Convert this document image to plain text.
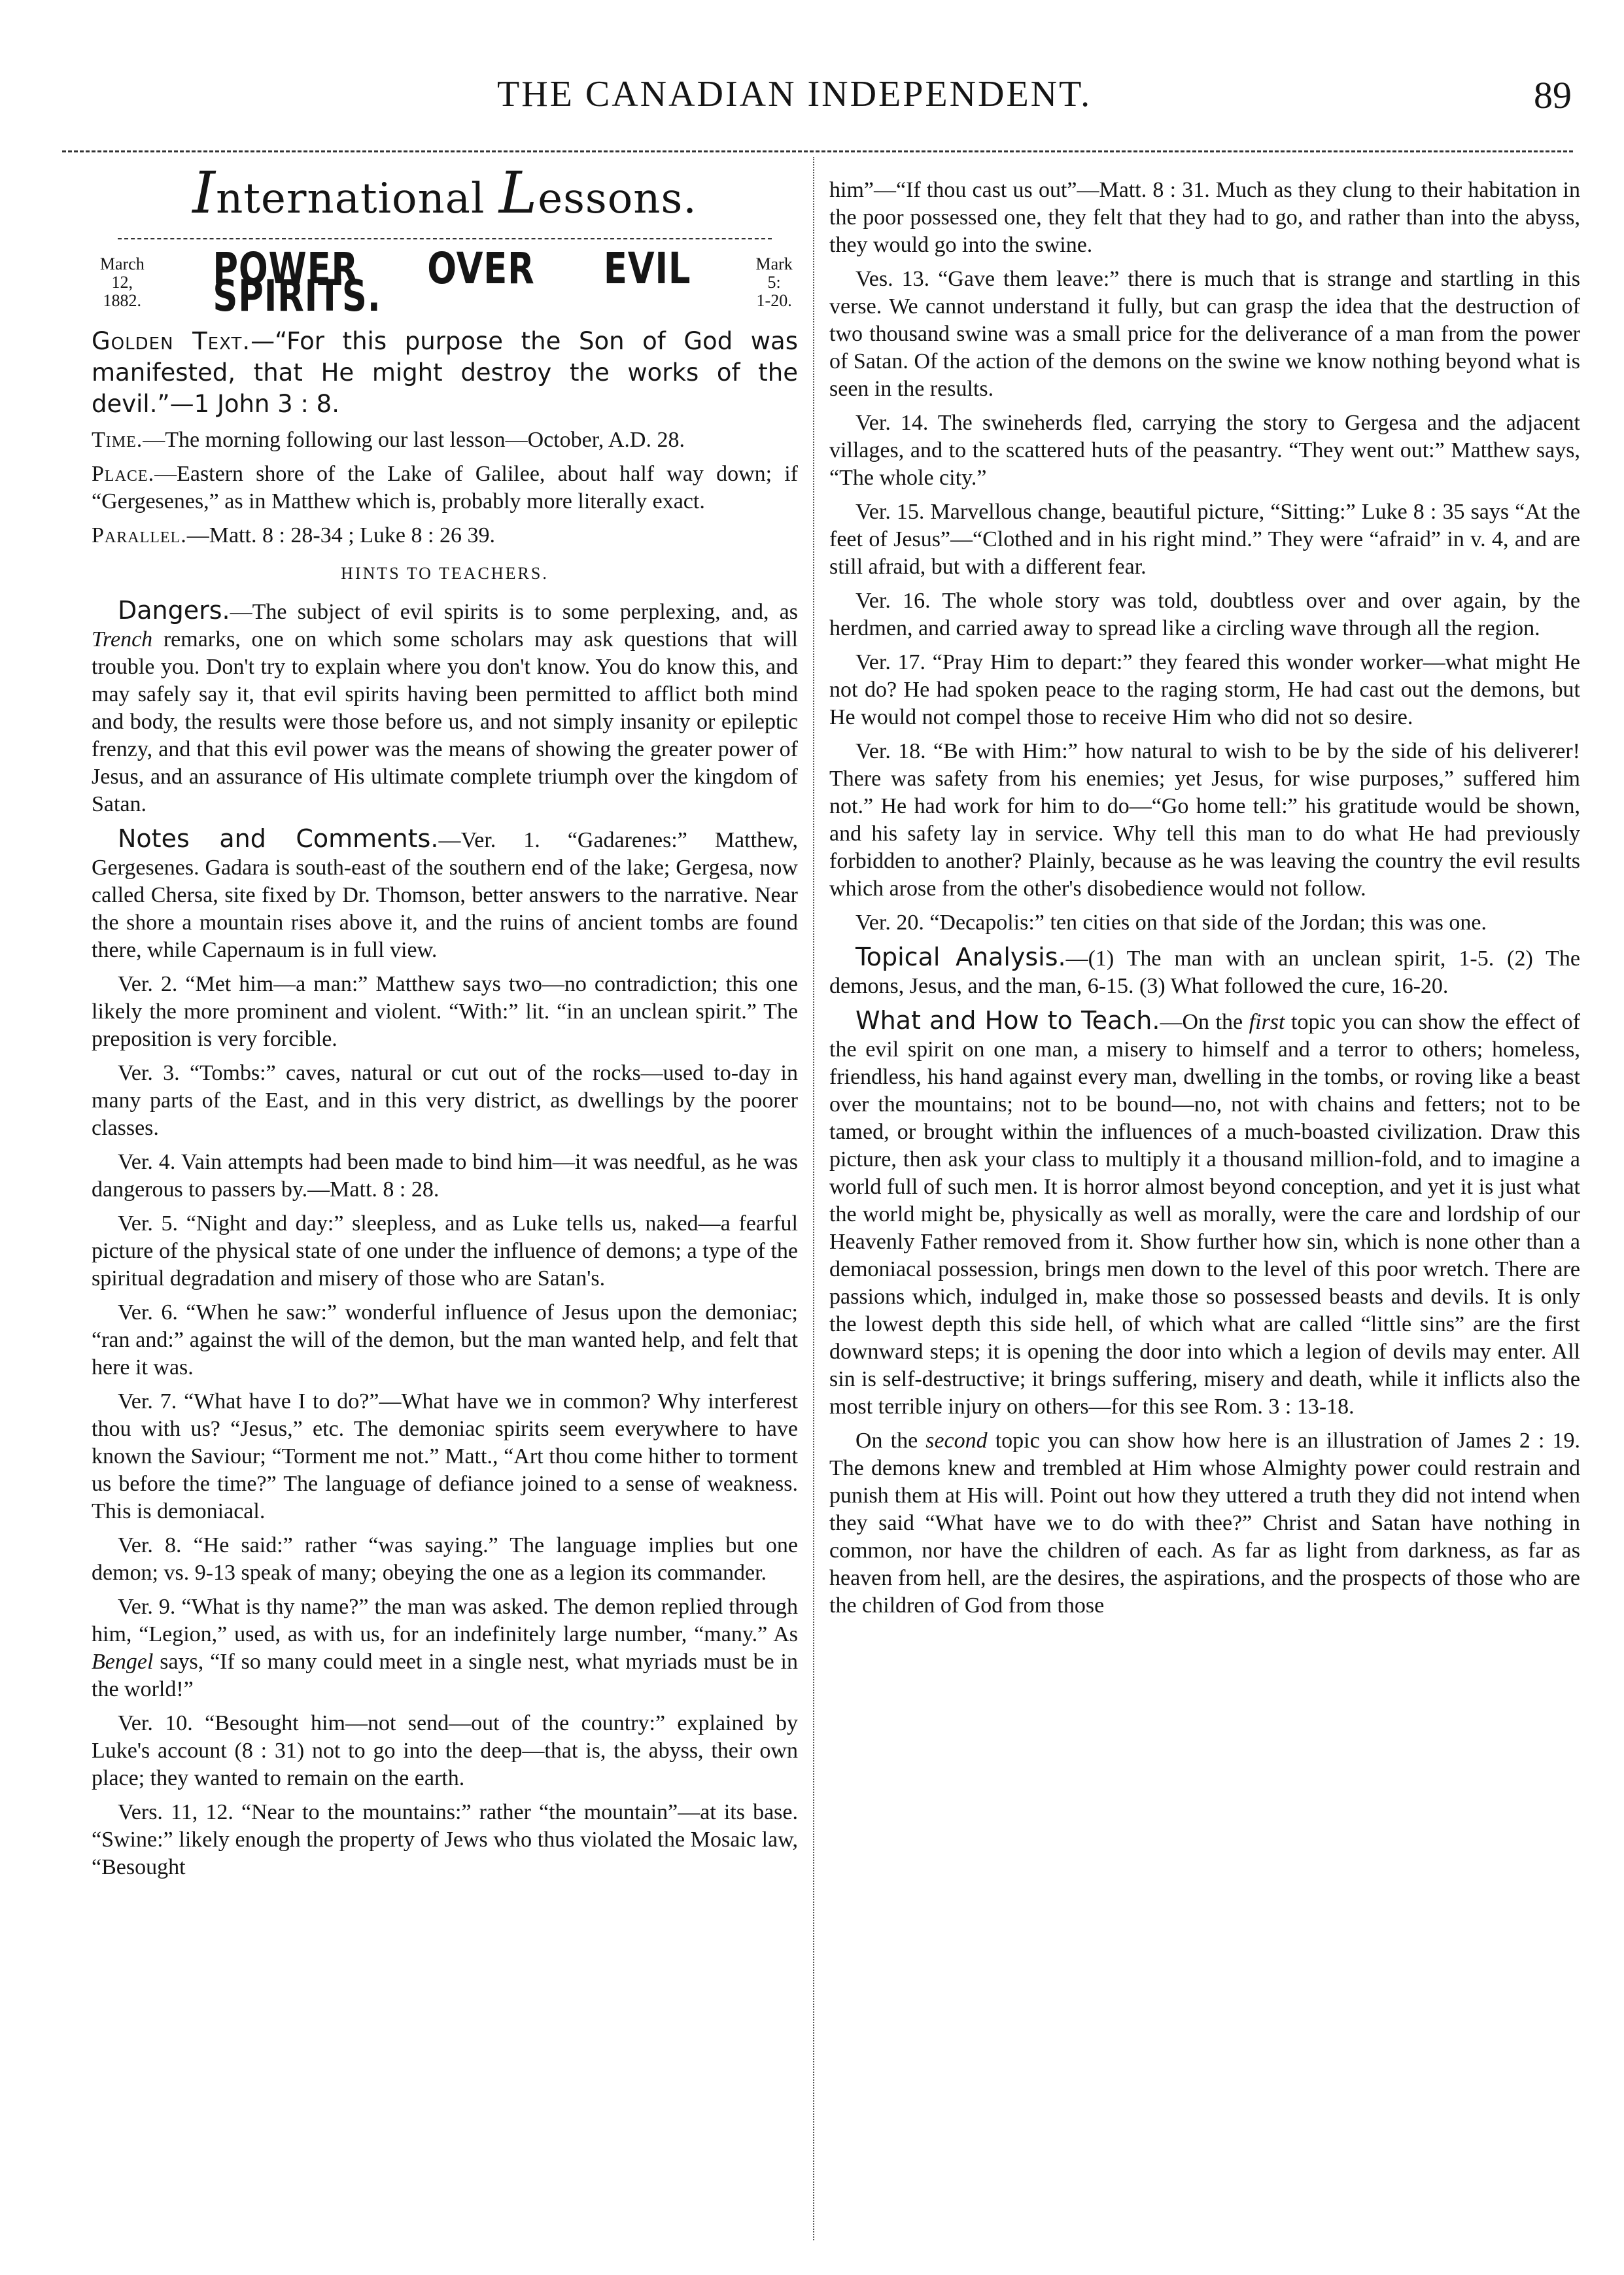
THE CANADIAN INDEPENDENT.	89
International Lessons.
March 12,
1882.
POWER OVER EVIL SPIRITS.
Mark 5:
1-20.

Golden Text.—“For this purpose the Son of God was manifested, that He might destroy the works of the devil.”—1 John 3 : 8.

Time.—The morning following our last lesson—October, A.D. 28.

Place.—Eastern shore of the Lake of Galilee, about half way down; if “Gergesenes,” as in Matthew which is, probably more literally exact.

Parallel.—Matt. 8 : 28-34 ; Luke 8 : 26 39.

HINTS TO TEACHERS.

Dangers.—The subject of evil spirits is to some perplexing, and, as Trench remarks, one on which some scholars may ask questions that will trouble you. Don't try to explain where you don't know. You do know this, and may safely say it, that evil spirits having been permitted to afflict both mind and body, the results were those before us, and not simply insanity or epileptic frenzy, and that this evil power was the means of showing the greater power of Jesus, and an assurance of His ultimate complete triumph over the kingdom of Satan.

Notes and Comments.—Ver. 1. “Gadarenes:” Matthew, Gergesenes. Gadara is south-east of the southern end of the lake; Gergesa, now called Chersa, site fixed by Dr. Thomson, better answers to the narrative. Near the shore a mountain rises above it, and the ruins of ancient tombs are found there, while Capernaum is in full view.

Ver. 2. “Met him—a man:” Matthew says two—no contradiction; this one likely the more prominent and violent. “With:” lit. “in an unclean spirit.” The preposition is very forcible.

Ver. 3. “Tombs:” caves, natural or cut out of the rocks—used to-day in many parts of the East, and in this very district, as dwellings by the poorer classes.

Ver. 4. Vain attempts had been made to bind him—it was needful, as he was dangerous to passers by.—Matt. 8 : 28.

Ver. 5. “Night and day:” sleepless, and as Luke tells us, naked—a fearful picture of the physical state of one under the influence of demons; a type of the spiritual degradation and misery of those who are Satan's.

Ver. 6. “When he saw:” wonderful influence of Jesus upon the demoniac; “ran and:” against the will of the demon, but the man wanted help, and felt that here it was.

Ver. 7. “What have I to do?”—What have we in common? Why interferest thou with us? “Jesus,” etc. The demoniac spirits seem everywhere to have known the Saviour; “Torment me not.” Matt., “Art thou come hither to torment us before the time?” The language of defiance joined to a sense of weakness. This is demoniacal.

Ver. 8. “He said:” rather “was saying.” The language implies but one demon; vs. 9-13 speak of many; obeying the one as a legion its commander.

Ver. 9. “What is thy name?” the man was asked. The demon replied through him, “Legion,” used, as with us, for an indefinitely large number, “many.” As Bengel says, “If so many could meet in a single nest, what myriads must be in the world!”

Ver. 10. “Besought him—not send—out of the country:” explained by Luke's account (8 : 31) not to go into the deep—that is, the abyss, their own place; they wanted to remain on the earth.

Vers. 11, 12. “Near to the mountains:” rather “the mountain”—at its base. “Swine:” likely enough the property of Jews who thus violated the Mosaic law, “Besought

him”—“If thou cast us out”—Matt. 8 : 31. Much as they clung to their habitation in the poor possessed one, they felt that they had to go, and rather than into the abyss, they would go into the swine.

Ves. 13. “Gave them leave:” there is much that is strange and startling in this verse. We cannot understand it fully, but can grasp the idea that the destruction of two thousand swine was a small price for the deliverance of a man from the power of Satan. Of the action of the demons on the swine we know nothing beyond what is seen in the results.

Ver. 14. The swineherds fled, carrying the story to Gergesa and the adjacent villages, and to the scattered huts of the peasantry. “They went out:” Matthew says, “The whole city.”

Ver. 15. Marvellous change, beautiful picture, “Sitting:” Luke 8 : 35 says “At the feet of Jesus”—“Clothed and in his right mind.” They were “afraid” in v. 4, and are still afraid, but with a different fear.

Ver. 16. The whole story was told, doubtless over and over again, by the herdmen, and carried away to spread like a circling wave through all the region.

Ver. 17. “Pray Him to depart:” they feared this wonder worker—what might He not do? He had spoken peace to the raging storm, He had cast out the demons, but He would not compel those to receive Him who did not so desire.

Ver. 18. “Be with Him:” how natural to wish to be by the side of his deliverer! There was safety from his enemies; yet Jesus, for wise purposes,” suffered him not.” He had work for him to do—“Go home tell:” his gratitude would be shown, and his safety lay in service. Why tell this man to do what He had previously forbidden to another? Plainly, because as he was leaving the country the evil results which arose from the other's disobedience would not follow.

Ver. 20. “Decapolis:” ten cities on that side of the Jordan; this was one.

Topical Analysis.—(1) The man with an unclean spirit, 1-5. (2) The demons, Jesus, and the man, 6-15. (3) What followed the cure, 16-20.

What and How to Teach.—On the first topic you can show the effect of the evil spirit on one man, a misery to himself and a terror to others; homeless, friendless, his hand against every man, dwelling in the tombs, or roving like a beast over the mountains; not to be bound—no, not with chains and fetters; not to be tamed, or brought within the influences of a much-boasted civilization. Draw this picture, then ask your class to multiply it a thousand million-fold, and to imagine a world full of such men. It is horror almost beyond conception, and yet it is just what the world might be, physically as well as morally, were the care and lordship of our Heavenly Father removed from it. Show further how sin, which is none other than a demoniacal possession, brings men down to the level of this poor wretch. There are passions which, indulged in, make those so possessed beasts and devils. It is only the lowest depth this side hell, of which what are called “little sins” are the first downward steps; it is opening the door into which a legion of devils may enter. All sin is self-destructive; it brings suffering, misery and death, while it inflicts also the most terrible injury on others—for this see Rom. 3 : 13-18.

On the second topic you can show how here is an illustration of James 2 : 19. The demons knew and trembled at Him whose Almighty power could restrain and punish them at His will. Point out how they uttered a truth they did not intend when they said “What have we to do with thee?” Christ and Satan have nothing in common, nor have the children of each. As far as light from darkness, as far as heaven from hell, are the desires, the aspirations, and the prospects of those who are the children of God from those
